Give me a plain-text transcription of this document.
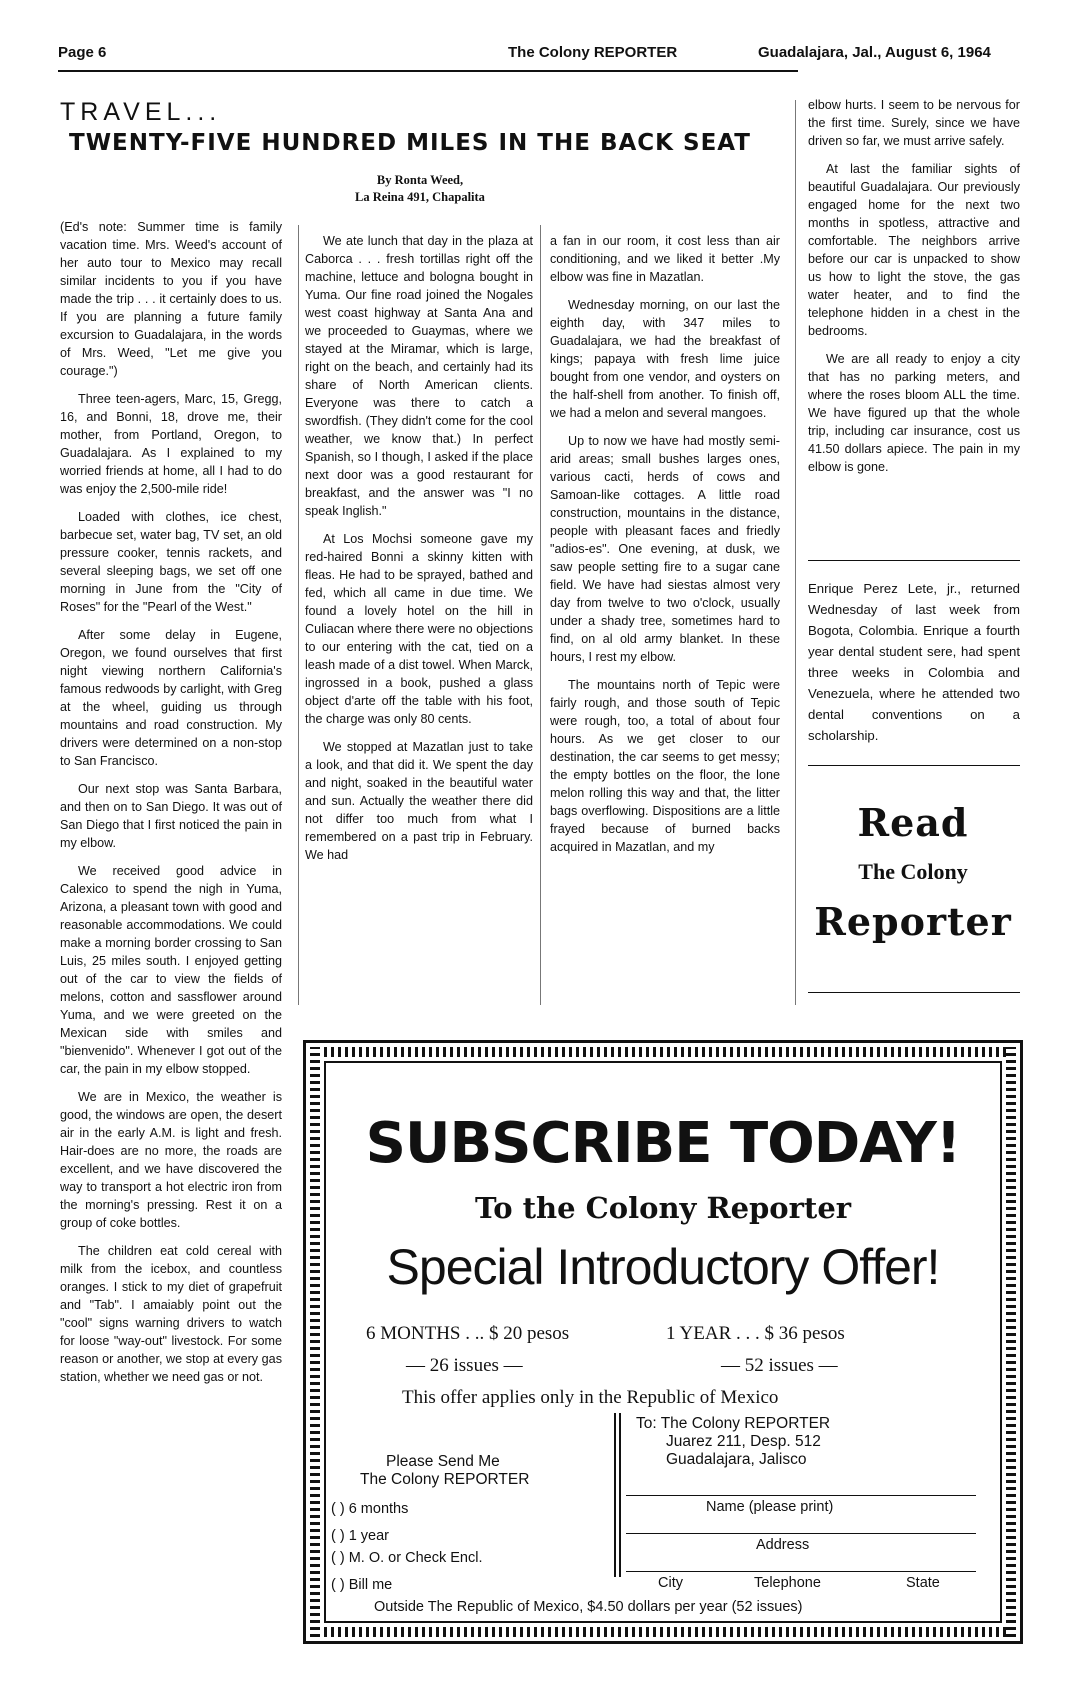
Page 6	The Colony REPORTER	Guadalajara, Jal., August 6, 1964
TRAVEL...
TWENTY-FIVE HUNDRED MILES IN THE BACK SEAT
By Ronta Weed,
La Reina 491, Chapalita

(Ed's note: Summer time is family vacation time. Mrs. Weed's account of her auto tour to Mexico may recall similar incidents to you if you have made the trip . . . it certainly does to us. If you are planning a future family excursion to Guadalajara, in the words of Mrs. Weed, "Let me give you courage.")

Three teen-agers, Marc, 15, Gregg, 16, and Bonni, 18, drove me, their mother, from Portland, Oregon, to Guadalajara. As I explained to my worried friends at home, all I had to do was enjoy the 2,500-mile ride!

Loaded with clothes, ice chest, barbecue set, water bag, TV set, an old pressure cooker, tennis rackets, and several sleeping bags, we set off one morning in June from the "City of Roses" for the "Pearl of the West."

After some delay in Eugene, Oregon, we found ourselves that first night viewing northern California's famous redwoods by carlight, with Greg at the wheel, guiding us through mountains and road construction. My drivers were determined on a non-stop to San Francisco.

Our next stop was Santa Barbara, and then on to San Diego. It was out of San Diego that I first noticed the pain in my elbow.

We received good advice in Calexico to spend the nigh in Yuma, Arizona, a pleasant town with good and reasonable accommodations. We could make a morning border crossing to San Luis, 25 miles south. I enjoyed getting out of the car to view the fields of melons, cotton and sassflower around Yuma, and we were greeted on the Mexican side with smiles and "bienvenido". Whenever I got out of the car, the pain in my elbow stopped.

We are in Mexico, the weather is good, the windows are open, the desert air in the early A.M. is light and fresh. Hair-does are no more, the roads are excellent, and we have discovered the way to transport a hot electric iron from the morning's pressing. Rest it on a group of coke bottles.

The children eat cold cereal with milk from the icebox, and countless oranges. I stick to my diet of grapefruit and "Tab". I amaiably point out the "cool" signs warning drivers to watch for loose "way-out" livestock. For some reason or another, we stop at every gas station, whether we need gas or not.

We ate lunch that day in the plaza at Caborca . . . fresh tortillas right off the machine, lettuce and bologna bought in Yuma. Our fine road joined the Nogales west coast highway at Santa Ana and we proceeded to Guaymas, where we stayed at the Miramar, which is large, right on the beach, and certainly had its share of North American clients. Everyone was there to catch a swordfish. (They didn't come for the cool weather, we know that.) In perfect Spanish, so I though, I asked if the place next door was a good restaurant for breakfast, and the answer was "I no speak Inglish."

At Los Mochsi someone gave my red-haired Bonni a skinny kitten with fleas. He had to be sprayed, bathed and fed, which all came in due time. We found a lovely hotel on the hill in Culiacan where there were no objections to our entering with the cat, tied on a leash made of a dist towel. When Marck, ingrossed in a book, pushed a glass object d'arte off the table with his foot, the charge was only 80 cents.

We stopped at Mazatlan just to take a look, and that did it. We spent the day and night, soaked in the beautiful water and sun. Actually the weather there did not differ too much from what I remembered on a past trip in February. We had

a fan in our room, it cost less than air conditioning, and we liked it better .My elbow was fine in Mazatlan.

Wednesday morning, on our last the eighth day, with 347 miles to Guadalajara, we had the breakfast of kings; papaya with fresh lime juice bought from one vendor, and oysters on the half-shell from another. To finish off, we had a melon and several mangoes.

Up to now we have had mostly semi-arid areas; small bushes larges ones, various cacti, herds of cows and Samoan-like cottages. A little road construction, mountains in the distance, people with pleasant faces and friedly "adios-es". One evening, at dusk, we saw people setting fire to a sugar cane field. We have had siestas almost very day from twelve to two o'clock, usually under a shady tree, sometimes hard to find, on al old army blanket. In these hours, I rest my elbow.

The mountains north of Tepic were fairly rough, and those south of Tepic were rough, too, a total of about four hours. As we get closer to our destination, the car seems to get messy; the empty bottles on the floor, the lone melon rolling this way and that, the litter bags overflowing. Dispositions are a little frayed because of burned backs acquired in Mazatlan, and my

elbow hurts. I seem to be nervous for the first time. Surely, since we have driven so far, we must arrive safely.

At last the familiar sights of beautiful Guadalajara. Our previously engaged home for the next two months in spotless, attractive and comfortable. The neighbors arrive before our car is unpacked to show us how to light the stove, the gas water heater, and to find the telephone hidden in a chest in the bedrooms.

We are all ready to enjoy a city that has no parking meters, and where the roses bloom ALL the time. We have figured up that the whole trip, including car insurance, cost us 41.50 dollars apiece. The pain in my elbow is gone.

Enrique Perez Lete, jr., returned Wednesday of last week from Bogota, Colombia. Enrique a fourth year dental student sere, had spent three weeks in Colombia and Venezuela, where he attended two dental conventions on a scholarship.

Read
The Colony
Reporter
SUBSCRIBE TODAY!
To the Colony Reporter
Special Introductory Offer!
6 MONTHS . .. $ 20 pesos
— 26 issues —
1 YEAR . . . $ 36 pesos
— 52 issues —
This offer applies only in the Republic of Mexico
Please Send Me
The Colony REPORTER
( ) 6 months
( ) 1 year
( ) M. O. or Check Encl.
( ) Bill me
To: The Colony REPORTER
Juarez 211, Desp. 512
Guadalajara, Jalisco
Name (please print)
Address
City	Telephone	State
Outside The Republic of Mexico, $4.50 dollars per year (52 issues)
